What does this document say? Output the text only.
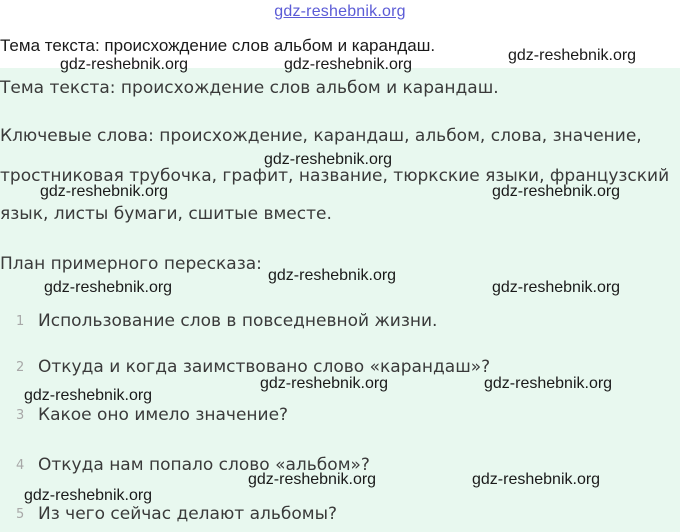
gdz-reshebnik.org
Тема текста: происхождение слов альбом и карандаш.

Тема текста: происхождение слов альбом и карандаш.

Ключевые слова: происхождение, карандаш, альбом, слова, значение,

тростниковая трубочка, графит, название, тюркские языки, французский

язык, листы бумаги, сшитые вместе.

План примерного пересказа:

1 Использование слов в повседневной жизни.
2 Откуда и когда заимствовано слово «карандаш»?
3 Какое оно имело значение?
4 Откуда нам попало слово «альбом»?
5 Из чего сейчас делают альбомы?
gdz-reshebnik.org
gdz-reshebnik.org	gdz-reshebnik.org
gdz-reshebnik.org
gdz-reshebnik.org	gdz-reshebnik.org
gdz-reshebnik.org
gdz-reshebnik.org	gdz-reshebnik.org
gdz-reshebnik.org	gdz-reshebnik.org
gdz-reshebnik.org
gdz-reshebnik.org	gdz-reshebnik.org
gdz-reshebnik.org
